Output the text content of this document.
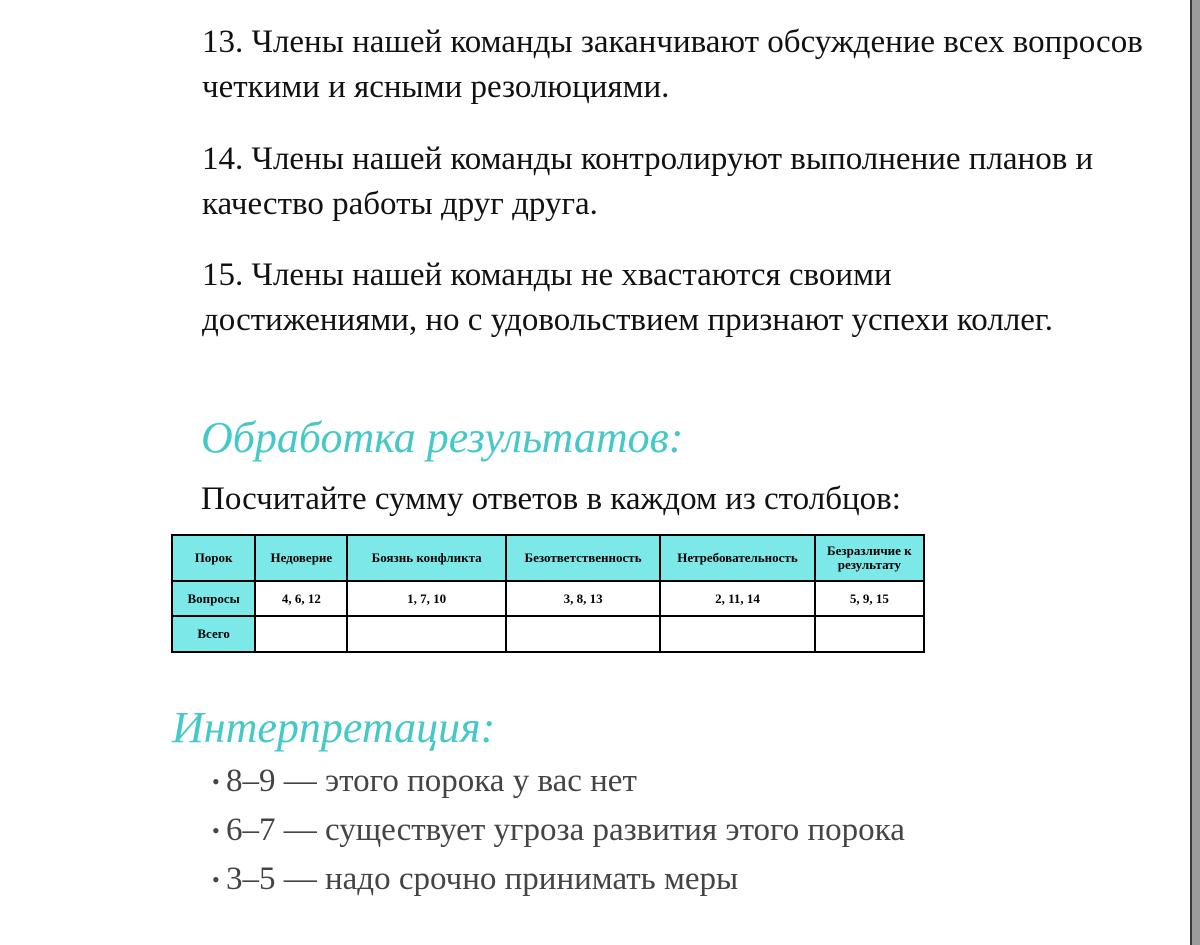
13. Члены нашей команды заканчивают обсуждение всех вопросов четкими и ясными резолюциями.

14. Члены нашей команды контролируют выполнение планов и качество работы друг друга.

15. Члены нашей команды не хвастаются своими достижениями, но с удовольствием признают успехи коллег.

Обработка результатов:

Посчитайте сумму ответов в каждом из столбцов:

Порок	Недоверие	Боязнь конфликта	Безответственность	Нетребовательность	Безразличие к результату
Вопросы	4, 6, 12	1, 7, 10	3, 8, 13	2, 11, 14	5, 9, 15
Всего					
Интерпретация:
• 8–9 — этого порока у вас нет
• 6–7 — существует угроза развития этого порока
• 3–5 — надо срочно принимать меры
